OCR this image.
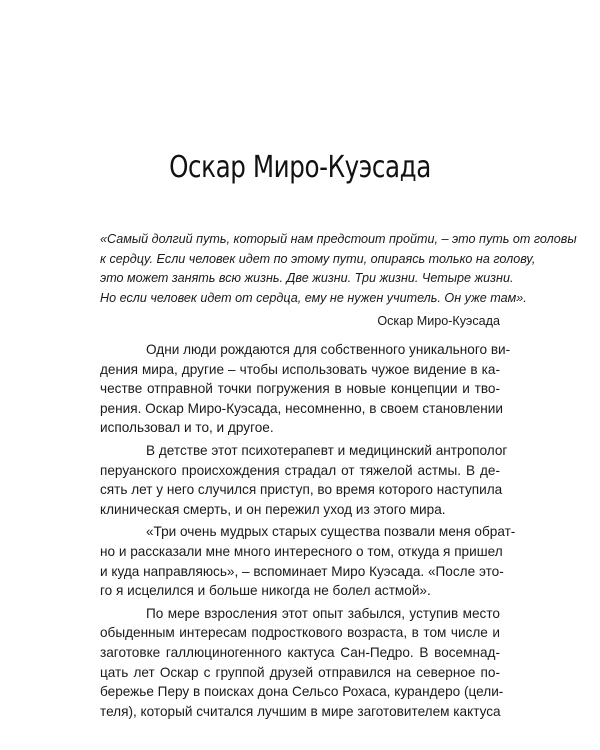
Оскар Миро-Куэсада
«Самый долгий путь, который нам предстоит пройти, – это путь от головы
к сердцу. Если человек идет по этому пути, опираясь только на голову,
это может занять всю жизнь. Две жизни. Три жизни. Четыре жизни.
Но если человек идет от сердца, ему не нужен учитель. Он уже там».
Оскар Миро-Куэсада
Одни люди рождаются для собственного уникального ви-
дения мира, другие – чтобы использовать чужое видение в ка-
честве отправной точки погружения в новые концепции и тво-
рения. Оскар Миро-Куэсада, несомненно, в своем становлении
использовал и то, и другое.
В детстве этот психотерапевт и медицинский антрополог
перуанского происхождения страдал от тяжелой астмы. В де-
сять лет у него случился приступ, во время которого наступила
клиническая смерть, и он пережил уход из этого мира.
«Три очень мудрых старых существа позвали меня обрат-
но и рассказали мне много интересного о том, откуда я пришел
и куда направляюсь», – вспоминает Миро Куэсада. «После это-
го я исцелился и больше никогда не болел астмой».
По мере взросления этот опыт забылся, уступив место
обыденным интересам подросткового возраста, в том числе и
заготовке галлюциногенного кактуса Сан-Педро. В восемнад-
цать лет Оскар с группой друзей отправился на северное по-
бережье Перу в поисках дона Сельсо Рохаса, курандеро (цели-
теля), который считался лучшим в мире заготовителем кактуса
